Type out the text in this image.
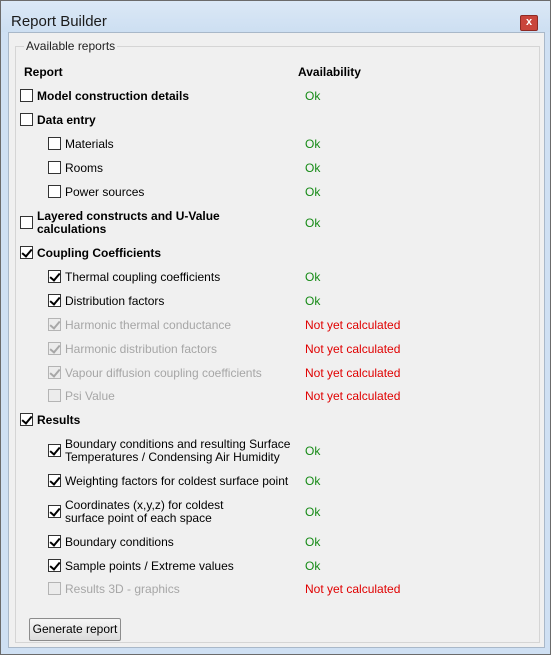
Report Builder	x
Report	Availability
Model construction details	Ok
Data entry
Materials	Ok
Rooms	Ok
Power sources	Ok
Layered constructs and U-Value
calculations	Ok
Coupling Coefficients
Thermal coupling coefficients	Ok
Distribution factors	Ok
Harmonic thermal conductance	Not yet calculated
Harmonic distribution factors	Not yet calculated
Vapour diffusion coupling coefficients	Not yet calculated
Psi Value	Not yet calculated
Results
Boundary conditions and resulting Surface
Temperatures / Condensing Air Humidity	Ok
Weighting factors for coldest surface point Ok
Coordinates (x,y,z) for coldest
surface point of each space	Ok
Boundary conditions	Ok
Sample points / Extreme values	Ok
Results 3D - graphics	Not yet calculated
Generate report
Available reports
